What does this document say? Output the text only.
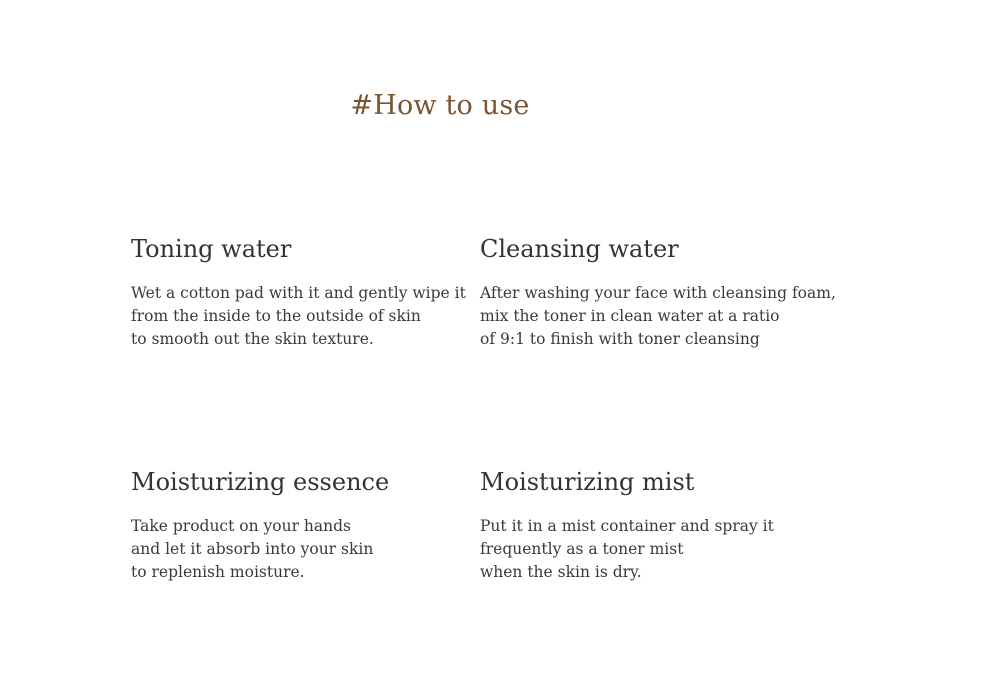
#How to use
Toning water
Wet a cotton pad with it and gently wipe it
from the inside to the outside of skin
to smooth out the skin texture.
Cleansing water
After washing your face with cleansing foam,
mix the toner in clean water at a ratio
of 9:1 to finish with toner cleansing
Moisturizing essence
Take product on your hands
and let it absorb into your skin
to replenish moisture.
Moisturizing mist
Put it in a mist container and spray it
frequently as a toner mist
when the skin is dry.
